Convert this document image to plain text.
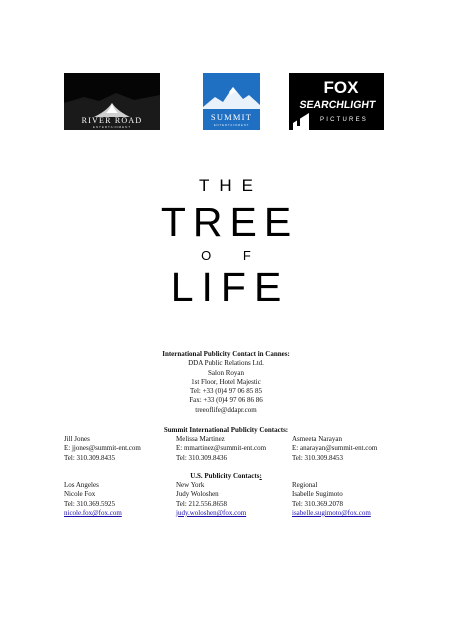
RIVER ROAD
ENTERTAINMENT
SUMMIT
ENTERTAINMENT
FOX
SEARCHLIGHT
PICTURES
THE
TREE
O F
LIFE
International Publicity Contact in Cannes:
DDA Public Relations Ltd.
Salon Royan
1st Floor, Hotel Majestic
Tel: +33 (0)4 97 06 85 85
Fax: +33 (0)4 97 06 86 86
treeoflife@ddapr.com
Summit International Publicity Contacts:
Jill Jones
E: jjones@summit-ent.com
Tel: 310.309.8435
Melissa Martinez
E: mmartinez@summit-ent.com
Tel: 310.309.8436
Asmeeta Narayan
E: anarayan@summit-ent.com
Tel: 310.309.8453
U.S. Publicity Contacts:
Los Angeles
Nicole Fox
Tel: 310.369.5925
nicole.fox@fox.com
New York
Judy Woloshen
Tel: 212.556.8658
judy.woloshen@fox.com
Regional
Isabelle Sugimoto
Tel: 310.369.2078
isabelle.sugimoto@fox.com
